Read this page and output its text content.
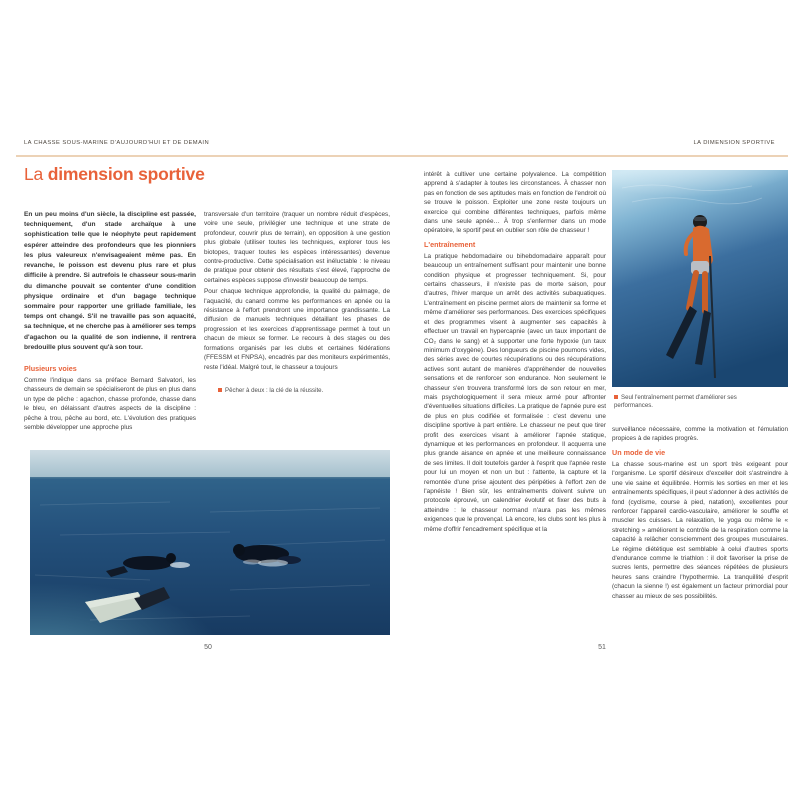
LA CHASSE SOUS-MARINE D'AUJOURD'HUI ET DE DEMAIN
La dimension sportive

En un peu moins d'un siècle, la discipline est passée, techniquement, d'un stade archaïque à une sophistication telle que le néophyte peut rapidement espérer atteindre des profondeurs que les pionniers les plus valeureux n'envisageaient même pas. En revanche, le poisson est devenu plus rare et plus difficile à prendre. Si autrefois le chasseur sous-marin du dimanche pouvait se contenter d'une condition physique ordinaire et d'un bagage technique sommaire pour rapporter une grillade familiale, les temps ont changé. S'il ne travaille pas son aquacité, sa technique, et ne cherche pas à améliorer ses temps d'agachon ou la qualité de son indienne, il rentrera bredouille plus souvent qu'à son tour.

Plusieurs voies

Comme l'indique dans sa préface Bernard Salvatori, les chasseurs de demain se spécialiseront de plus en plus dans un type de pêche : agachon, chasse profonde, chasse dans le bleu, en délaissant d'autres aspects de la discipline : pêche à trou, pêche au bord, etc. L'évolution des pratiques semble développer une approche plus

transversale d'un territoire (traquer un nombre réduit d'espèces, voire une seule, privilégier une technique et une strate de profondeur, couvrir plus de terrain), en opposition à une gestion plus globale (utiliser toutes les techniques, explorer tous les biotopes, traquer toutes les espèces intéressantes) devenue contre-productive. Cette spécialisation est inéluctable : le niveau de pratique pour obtenir des résultats s'est élevé, l'approche de certaines espèces suppose d'investir beaucoup de temps.

Pour chaque technique approfondie, la qualité du palmage, de l'aquacité, du canard comme les performances en apnée ou la résistance à l'effort prendront une importance grandissante. La diffusion de manuels techniques détaillant les phases de progression et les exercices d'apprentissage permet à tout un chacun de mieux se former. Le recours à des stages ou des formations organisés par les clubs et certaines fédérations (FFESSM et FNPSA), encadrés par des moniteurs expérimentés, reste l'idéal. Malgré tout, le chasseur a toujours

Pêcher à deux : la clé de la réussite.
50
LA DIMENSION SPORTIVE

intérêt à cultiver une certaine polyvalence. La compétition apprend à s'adapter à toutes les circonstances. À chasser non pas en fonction de ses aptitudes mais en fonction de l'endroit où se trouve le poisson. Exploiter une zone reste toujours un exercice qui combine différentes techniques, parfois même dans une seule apnée… À trop s'enfermer dans un mode opératoire, le sportif peut en oublier son rôle de chasseur !

L'entraînement

La pratique hebdomadaire ou bihebdomadaire apparaît pour beaucoup un entraînement suffisant pour maintenir une bonne condition physique et progresser techniquement. Si, pour certains chasseurs, il n'existe pas de morte saison, pour d'autres, l'hiver marque un arrêt des activités subaquatiques. L'entraînement en piscine permet alors de maintenir sa forme et même d'améliorer ses performances. Des exercices spécifiques et des programmes visent à augmenter ses capacités à effectuer un travail en hypercapnie (avec un taux important de CO₂ dans le sang) et à supporter une forte hypoxie (un taux minimum d'oxygène). Des longueurs de piscine poumons vides, des séries avec de courtes récupérations ou des récupérations actives sont autant de manières d'appréhender de nouvelles sensations et de renforcer son endurance. Non seulement le chasseur s'en trouvera transformé lors de son retour en mer, mais psychologiquement il sera mieux armé pour affronter d'éventuelles situations difficiles. La pratique de l'apnée pure est de plus en plus codifiée et formalisée : c'est devenu une discipline sportive à part entière. Le chasseur ne peut que tirer profit des exercices visant à améliorer l'apnée statique, dynamique et les performances en profondeur. Il acquerra une plus grande aisance en apnée et une meilleure connaissance de ses limites. Il doit toutefois garder à l'esprit que l'apnée reste pour lui un moyen et non un but : l'attente, la capture et la remontée d'une prise ajoutent des péripéties à l'effort zen de l'apnéiste ! Bien sûr, les entraînements doivent suivre un protocole éprouvé, un calendrier évolutif et fixer des buts à atteindre : le chasseur normand n'aura pas les mêmes exigences que le provençal. Là encore, les clubs sont les plus à même d'offrir l'encadrement spécifique et la

Seul l'entraînement permet d'améliorer ses performances.

surveillance nécessaire, comme la motivation et l'émulation propices à de rapides progrès.

Un mode de vie

La chasse sous-marine est un sport très exigeant pour l'organisme. Le sportif désireux d'exceller doit s'astreindre à une vie saine et équilibrée. Hormis les sorties en mer et les entraînements spécifiques, il peut s'adonner à des activités de fond (cyclisme, course à pied, natation), excellentes pour renforcer l'appareil cardio-vasculaire, améliorer le souffle et muscler les cuisses. La relaxation, le yoga ou même le « stretching » améliorent le contrôle de la respiration comme la capacité à relâcher consciemment des groupes musculaires. Le régime diététique est semblable à celui d'autres sports d'endurance comme le triathlon : il doit favoriser la prise de sucres lents, permettre des séances répétées de plusieurs heures sans craindre l'hypothermie. La tranquillité d'esprit (chacun la sienne !) est également un facteur primordial pour chasser au mieux de ses possibilités.

51
